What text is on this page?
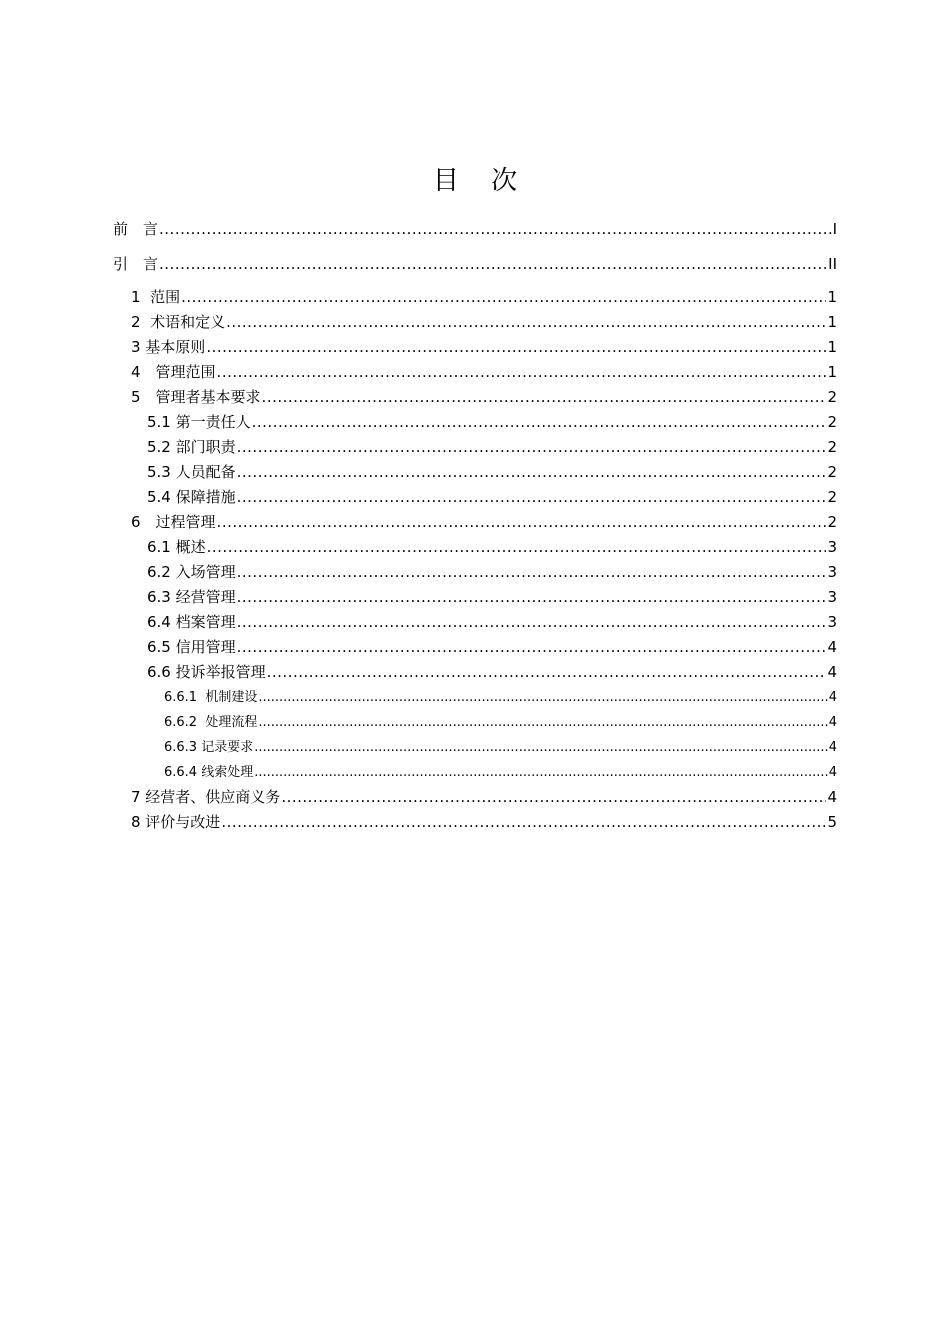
目 次
前　言 .....	I
引　言 .....	II
1  范围 .....	1
2  术语和定义 .....	1
3 基本原则 .....	1
4　管理范围 .....	1
5　管理者基本要求 .....	2
5.1 第一责任人 .....	2
5.2 部门职责 .....	2
5.3 人员配备 .....	2
5.4 保障措施 .....	2
6　过程管理 .....	2
6.1 概述 .....	3
6.2 入场管理 .....	3
6.3 经营管理 .....	3
6.4 档案管理 .....	3
6.5 信用管理 .....	4
6.6 投诉举报管理 .....	4
6.6.1  机制建设 .....	4
6.6.2  处理流程 .....	4
6.6.3 记录要求 .....	4
6.6.4 线索处理 .....	4
7 经营者、供应商义务 .....	4
8 评价与改进 .....	5
